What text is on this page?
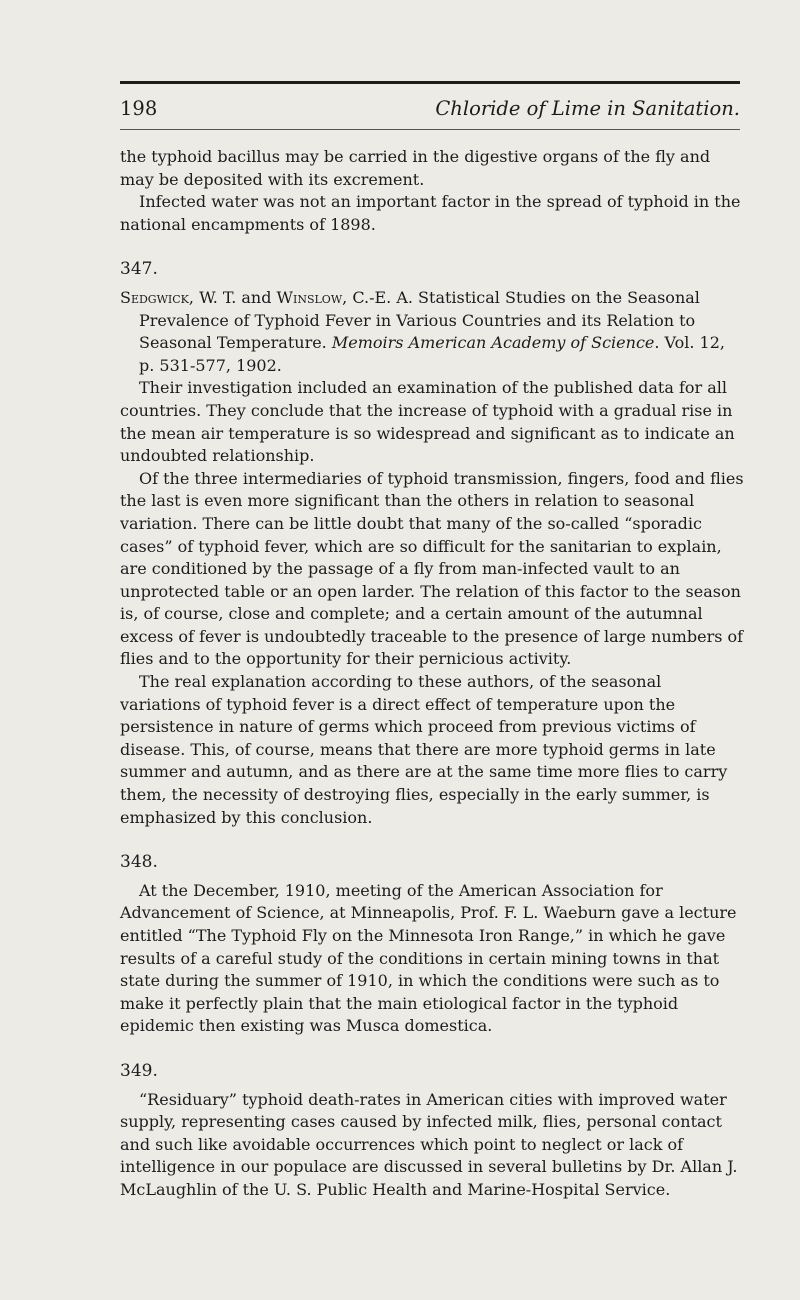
198	Chloride of Lime in Sanitation.

the typhoid bacillus may be carried in the digestive organs of the fly and may be deposited with its excrement.

Infected water was not an important factor in the spread of typhoid in the national encampments of 1898.

347.

Sedgwick, W. T. and Winslow, C.-E. A. Statistical Studies on the Seasonal Prevalence of Typhoid Fever in Various Countries and its Relation to Seasonal Temperature. Memoirs American Academy of Science. Vol. 12, p. 531-577, 1902.

Their investigation included an examination of the published data for all countries. They conclude that the increase of typhoid with a gradual rise in the mean air temperature is so widespread and significant as to indicate an undoubted relationship.

Of the three intermediaries of typhoid transmission, fingers, food and flies the last is even more significant than the others in relation to seasonal variation. There can be little doubt that many of the so-called “sporadic cases” of typhoid fever, which are so difficult for the sanitarian to explain, are conditioned by the passage of a fly from man-infected vault to an unprotected table or an open larder. The relation of this factor to the season is, of course, close and complete; and a certain amount of the autumnal excess of fever is undoubtedly traceable to the presence of large numbers of flies and to the opportunity for their pernicious activity.

The real explanation according to these authors, of the seasonal variations of typhoid fever is a direct effect of temperature upon the persistence in nature of germs which proceed from previous victims of disease. This, of course, means that there are more typhoid germs in late summer and autumn, and as there are at the same time more flies to carry them, the necessity of destroying flies, especially in the early summer, is emphasized by this conclusion.

348.

At the December, 1910, meeting of the American Association for Advancement of Science, at Minneapolis, Prof. F. L. Waeburn gave a lecture entitled “The Typhoid Fly on the Minnesota Iron Range,” in which he gave results of a careful study of the conditions in certain mining towns in that state during the summer of 1910, in which the conditions were such as to make it perfectly plain that the main etiological factor in the typhoid epidemic then existing was Musca domestica.

349.

“Residuary” typhoid death-rates in American cities with improved water supply, representing cases caused by infected milk, flies, personal contact and such like avoidable occurrences which point to neglect or lack of intelligence in our populace are discussed in several bulletins by Dr. Allan J. McLaughlin of the U. S. Public Health and Marine-Hospital Service.
